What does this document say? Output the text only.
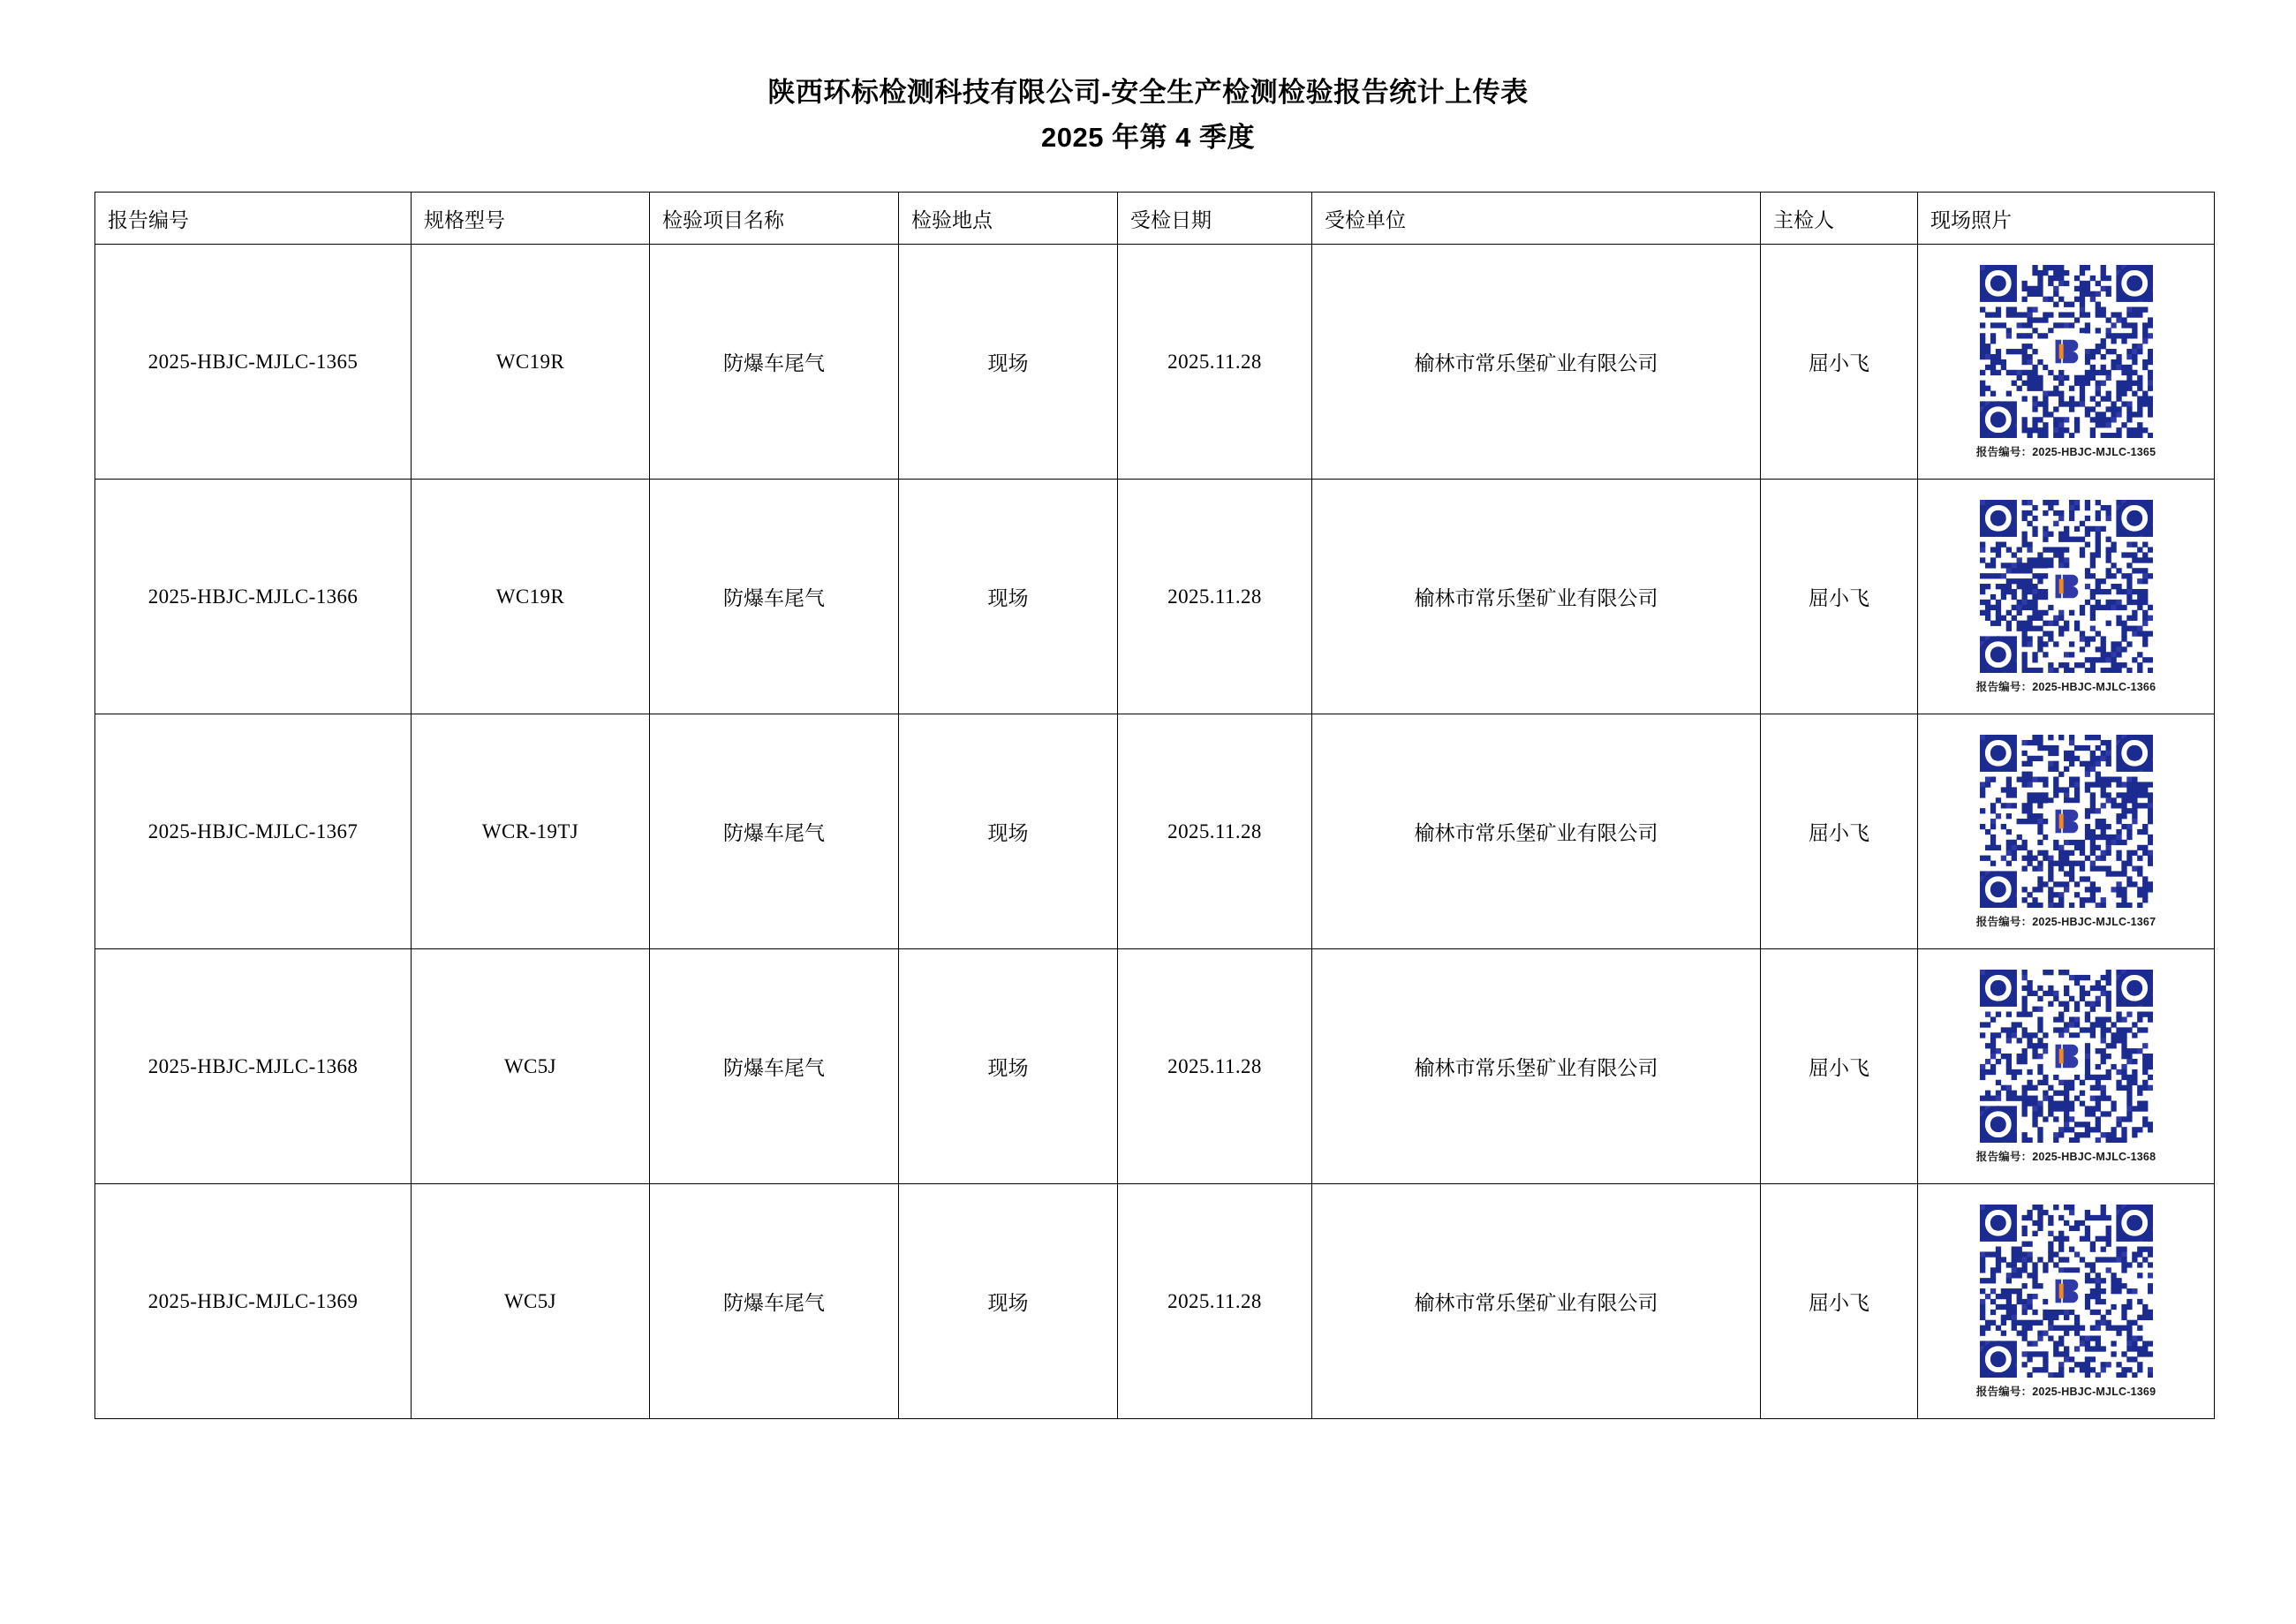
陕西环标检测科技有限公司-安全生产检测检验报告统计上传表
2025 年第 4 季度
报告编号	规格型号	检验项目名称	检验地点	受检日期	受检单位	主检人	现场照片
2025-HBJC-MJLC-1365	WC19R	防爆车尾气	现场	2025.11.28	榆林市常乐堡矿业有限公司	屈小飞	报告编号：2025-HBJC-MJLC-1365

2025-HBJC-MJLC-1366	WC19R	防爆车尾气	现场	2025.11.28	榆林市常乐堡矿业有限公司	屈小飞	报告编号：2025-HBJC-MJLC-1366

2025-HBJC-MJLC-1367	WCR-19TJ	防爆车尾气	现场	2025.11.28	榆林市常乐堡矿业有限公司	屈小飞	报告编号：2025-HBJC-MJLC-1367

2025-HBJC-MJLC-1368	WC5J	防爆车尾气	现场	2025.11.28	榆林市常乐堡矿业有限公司	屈小飞	报告编号：2025-HBJC-MJLC-1368

2025-HBJC-MJLC-1369	WC5J	防爆车尾气	现场	2025.11.28	榆林市常乐堡矿业有限公司	屈小飞	报告编号：2025-HBJC-MJLC-1369
